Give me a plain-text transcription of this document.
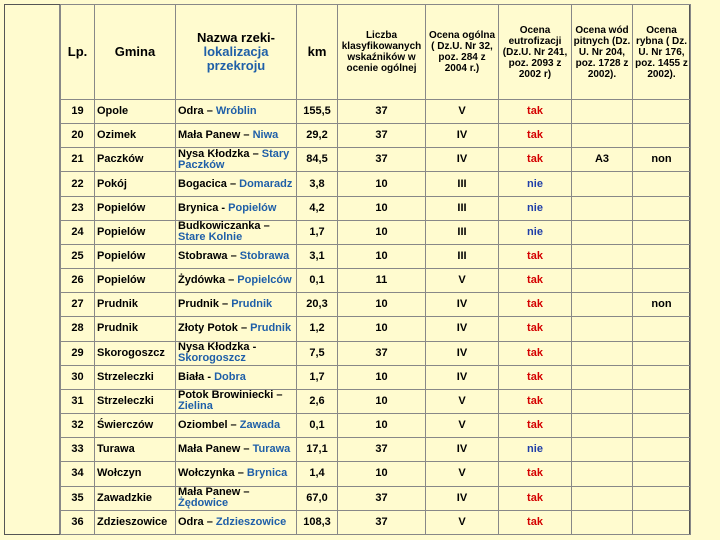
Lp.	Gmina	Nazwa rzeki-
lokalizacja
przekroju	km	Liczba klasyfikowanych wskaźników w ocenie ogólnej	Ocena ogólna ( Dz.U. Nr 32, poz. 284 z 2004 r.)	Ocena eutrofizacji (Dz.U. Nr 241, poz. 2093 z 2002 r)	Ocena wód pitnych (Dz. U. Nr 204, poz. 1728 z 2002).	Ocena rybna ( Dz. U. Nr 176, poz. 1455 z 2002).
19	Opole	Odra – Wróblin	155,5	37	V	tak		
20	Ozimek	Mała Panew – Niwa	29,2	37	IV	tak		
21	Paczków	Nysa Kłodzka – Stary Paczków	84,5	37	IV	tak	A3	non
22	Pokój	Bogacica – Domaradz	3,8	10	III	nie		
23	Popielów	Brynica - Popielów	4,2	10	III	nie		
24	Popielów	Budkowiczanka – Stare Kolnie	1,7	10	III	nie		
25	Popielów	Stobrawa – Stobrawa	3,1	10	III	tak		
26	Popielów	Żydówka – Popielców	0,1	11	V	tak		
27	Prudnik	Prudnik – Prudnik	20,3	10	IV	tak		non
28	Prudnik	Złoty Potok – Prudnik	1,2	10	IV	tak		
29	Skorogoszcz	Nysa Kłodzka - Skorogoszcz	7,5	37	IV	tak		
30	Strzeleczki	Biała - Dobra	1,7	10	IV	tak		
31	Strzeleczki	Potok Browiniecki – Zielina	2,6	10	V	tak		
32	Świerczów	Oziombel – Zawada	0,1	10	V	tak		
33	Turawa	Mała Panew – Turawa	17,1	37	IV	nie		
34	Wołczyn	Wołczynka – Brynica	1,4	10	V	tak		
35	Zawadzkie	Mała Panew – Żędowice	67,0	37	IV	tak		
36	Zdzieszowice	Odra – Zdzieszowice	108,3	37	V	tak		
